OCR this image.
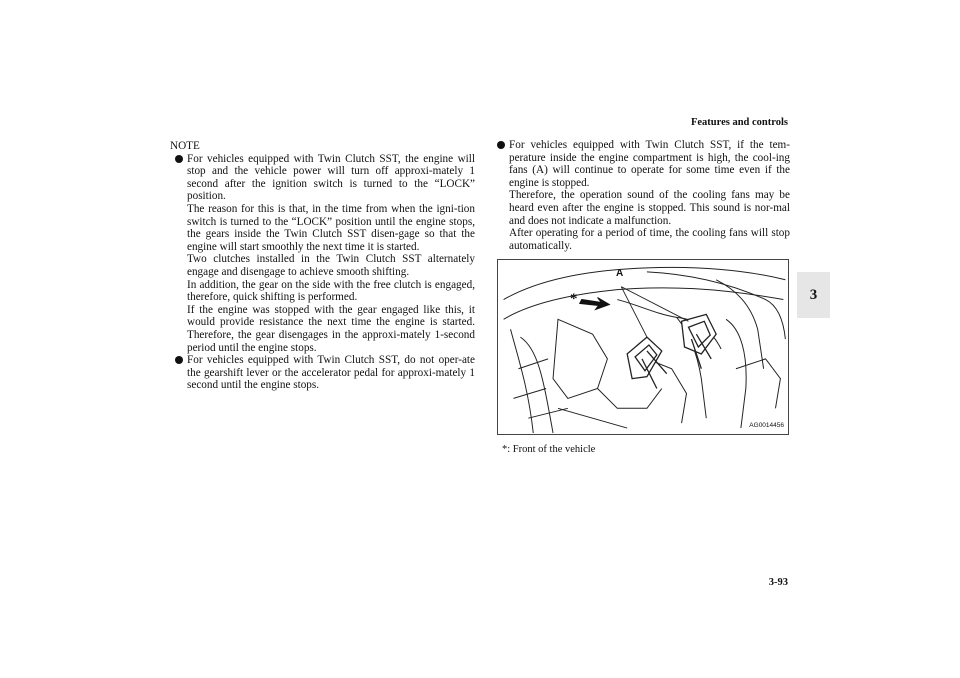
Features and controls
3
NOTE

For vehicles equipped with Twin Clutch SST, the engine will stop and the vehicle power will turn off approxi-mately 1 second after the ignition switch is turned to the “LOCK” position.

The reason for this is that, in the time from when the igni-tion switch is turned to the “LOCK” position until the engine stops, the gears inside the Twin Clutch SST disen-gage so that the engine will start smoothly the next time it is started.

Two clutches installed in the Twin Clutch SST alternately engage and disengage to achieve smooth shifting.

In addition, the gear on the side with the free clutch is engaged, therefore, quick shifting is performed.

If the engine was stopped with the gear engaged like this, it would provide resistance the next time the engine is started. Therefore, the gear disengages in the approxi-mately 1-second period until the engine stops.

For vehicles equipped with Twin Clutch SST, do not oper-ate the gearshift lever or the accelerator pedal for approxi-mately 1 second until the engine stops.

For vehicles equipped with Twin Clutch SST, if the tem-perature inside the engine compartment is high, the cool-ing fans (A) will continue to operate for some time even if the engine is stopped.

Therefore, the operation sound of the cooling fans may be heard even after the engine is stopped. This sound is nor-mal and does not indicate a malfunction.

After operating for a period of time, the cooling fans will stop automatically.

A
*
AG0014456
*: Front of the vehicle
3-93
